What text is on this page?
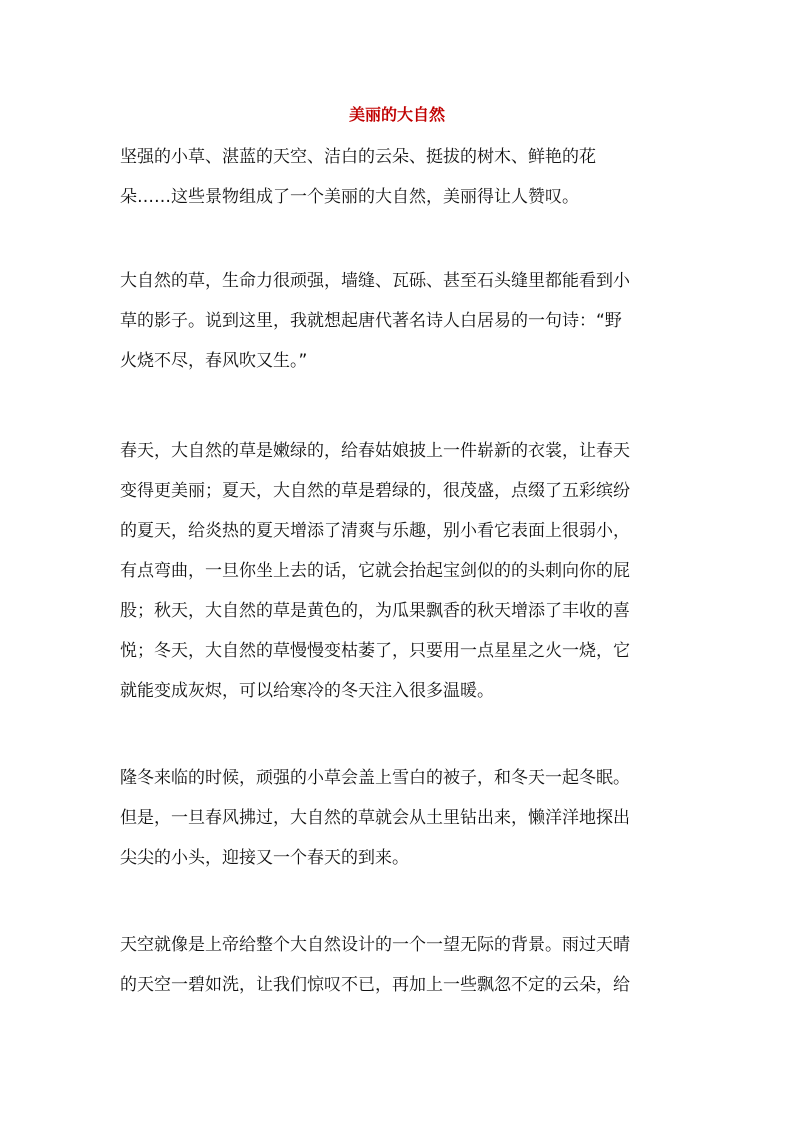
美丽的大自然
坚强的小草、湛蓝的天空、洁白的云朵、挺拔的树木、鲜艳的花
朵……这些景物组成了一个美丽的大自然，美丽得让人赞叹。
大自然的草，生命力很顽强，墙缝、瓦砾、甚至石头缝里都能看到小
草的影子。说到这里，我就想起唐代著名诗人白居易的一句诗：“野
火烧不尽，春风吹又生。”
春天，大自然的草是嫩绿的，给春姑娘披上一件崭新的衣裳，让春天
变得更美丽；夏天，大自然的草是碧绿的，很茂盛，点缀了五彩缤纷
的夏天，给炎热的夏天增添了清爽与乐趣，别小看它表面上很弱小，
有点弯曲，一旦你坐上去的话，它就会抬起宝剑似的的头刺向你的屁
股；秋天，大自然的草是黄色的，为瓜果飘香的秋天增添了丰收的喜
悦；冬天，大自然的草慢慢变枯萎了，只要用一点星星之火一烧，它
就能变成灰烬，可以给寒冷的冬天注入很多温暖。
隆冬来临的时候，顽强的小草会盖上雪白的被子，和冬天一起冬眠。
但是，一旦春风拂过，大自然的草就会从土里钻出来，懒洋洋地探出
尖尖的小头，迎接又一个春天的到来。
天空就像是上帝给整个大自然设计的一个一望无际的背景。雨过天晴
的天空一碧如洗，让我们惊叹不已，再加上一些飘忽不定的云朵，给
